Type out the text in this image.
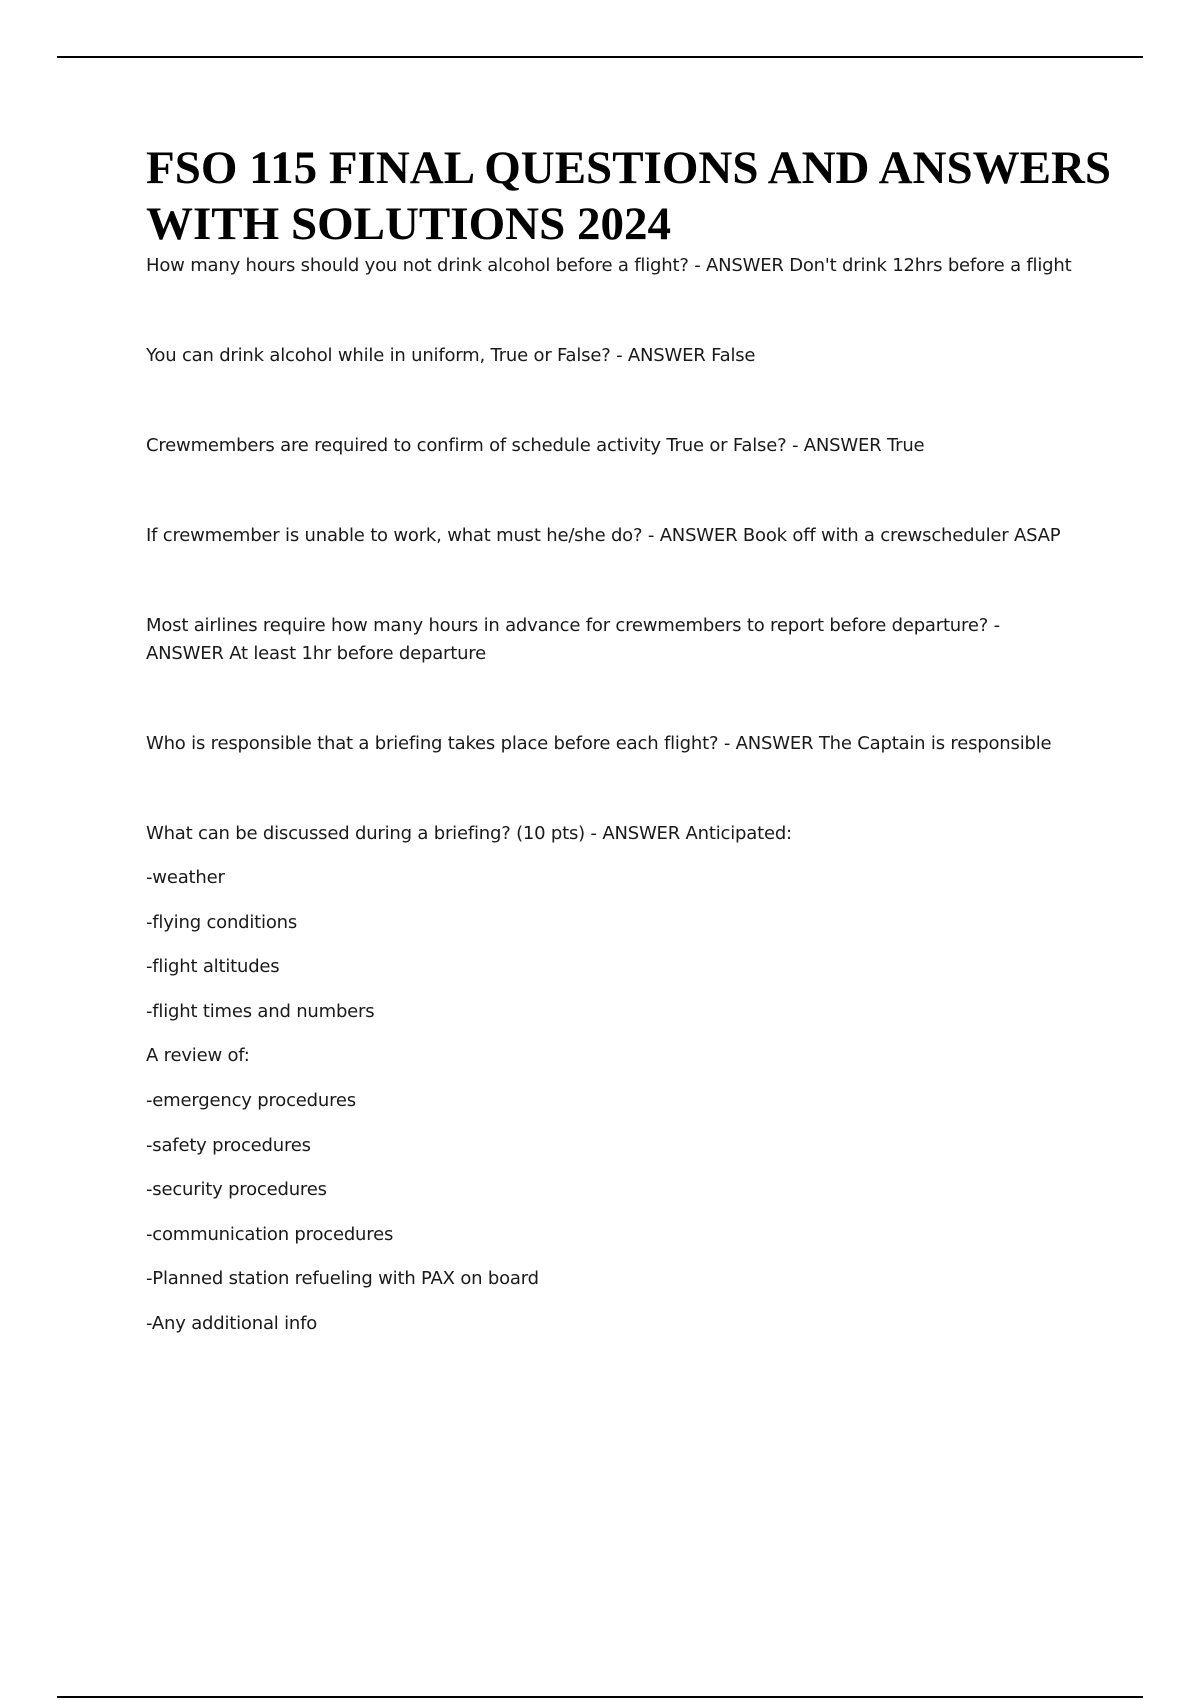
FSO 115 FINAL QUESTIONS AND ANSWERS WITH SOLUTIONS 2024

How many hours should you not drink alcohol before a flight? - ANSWER Don't drink 12hrs before a flight

You can drink alcohol while in uniform, True or False? - ANSWER False

Crewmembers are required to confirm of schedule activity True or False? - ANSWER True

If crewmember is unable to work, what must he/she do? - ANSWER Book off with a crewscheduler ASAP

Most airlines require how many hours in advance for crewmembers to report before departure? - ANSWER At least 1hr before departure

Who is responsible that a briefing takes place before each flight? - ANSWER The Captain is responsible

What can be discussed during a briefing? (10 pts) - ANSWER Anticipated:

-weather
-flying conditions
-flight altitudes
-flight times and numbers
A review of:
-emergency procedures
-safety procedures
-security procedures
-communication procedures
-Planned station refueling with PAX on board
-Any additional info
